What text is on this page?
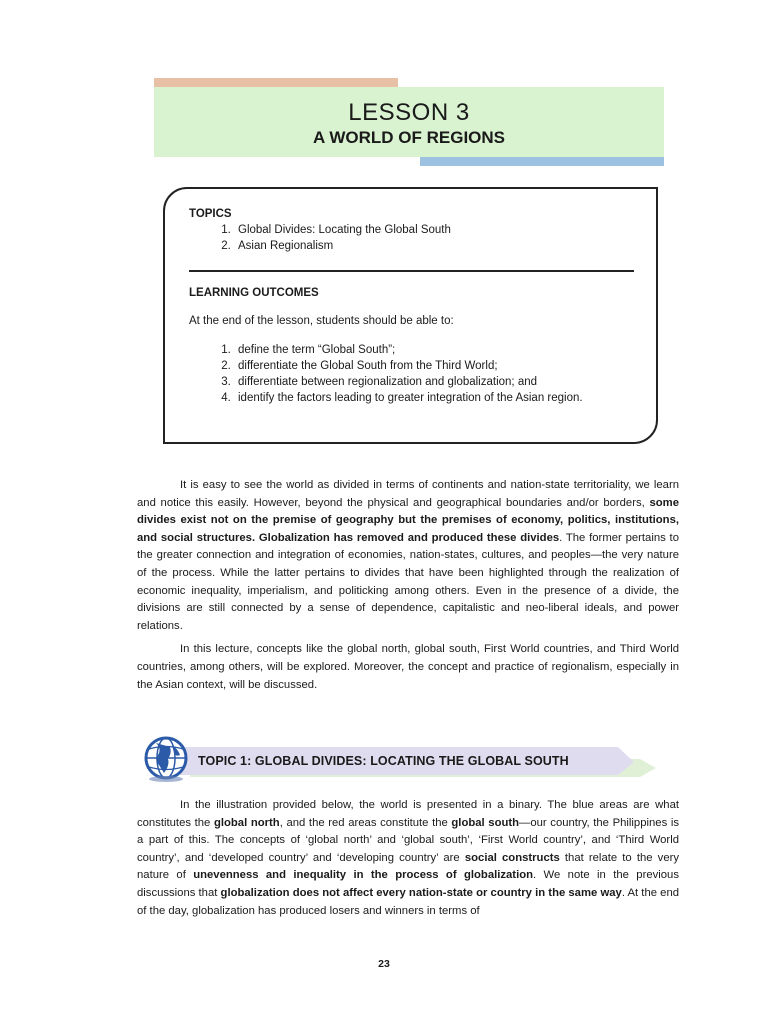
LESSON 3
A WORLD OF REGIONS
TOPICS
1. Global Divides: Locating the Global South
2. Asian Regionalism
LEARNING OUTCOMES
At the end of the lesson, students should be able to:
1. define the term “Global South”;
2. differentiate the Global South from the Third World;
3. differentiate between regionalization and globalization; and
4. identify the factors leading to greater integration of the Asian region.

It is easy to see the world as divided in terms of continents and nation-state territoriality, we learn and notice this easily. However, beyond the physical and geographical boundaries and/or borders, some divides exist not on the premise of geography but the premises of economy, politics, institutions, and social structures. Globalization has removed and produced these divides. The former pertains to the greater connection and integration of economies, nation-states, cultures, and peoples—the very nature of the process. While the latter pertains to divides that have been highlighted through the realization of economic inequality, imperialism, and politicking among others. Even in the presence of a divide, the divisions are still connected by a sense of dependence, capitalistic and neo-liberal ideals, and power relations.

In this lecture, concepts like the global north, global south, First World countries, and Third World countries, among others, will be explored. Moreover, the concept and practice of regionalism, especially in the Asian context, will be discussed.

TOPIC 1: GLOBAL DIVIDES: LOCATING THE GLOBAL SOUTH

In the illustration provided below, the world is presented in a binary. The blue areas are what constitutes the global north, and the red areas constitute the global south—our country, the Philippines is a part of this. The concepts of ‘global north’ and ‘global south’, ‘First World country’, and ‘Third World country’, and ‘developed country’ and ‘developing country’ are social constructs that relate to the very nature of unevenness and inequality in the process of globalization. We note in the previous discussions that globalization does not affect every nation-state or country in the same way. At the end of the day, globalization has produced losers and winners in terms of

23
